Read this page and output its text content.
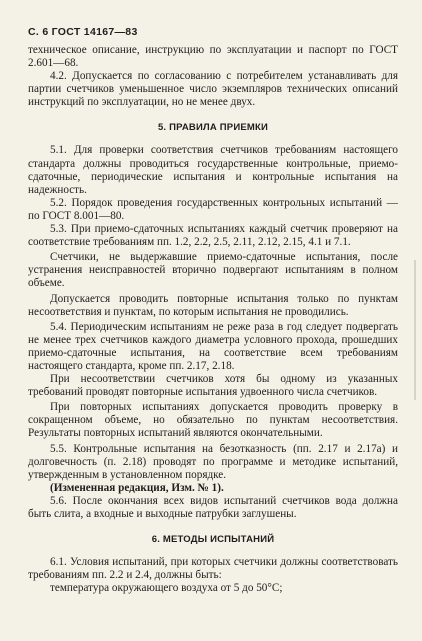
С. 6 ГОСТ 14167—83

техническое описание, инструкцию по эксплуатации и паспорт по ГОСТ 2.601—68.

4.2. Допускается по согласованию с потребителем устанавливать для партии счетчиков уменьшенное число экземпляров технических описаний инструкций по эксплуатации, но не менее двух.

5. ПРАВИЛА ПРИЕМКИ

5.1. Для проверки соответствия счетчиков требованиям настоящего стандарта должны проводиться государственные контрольные, приемо-сдаточные, периодические испытания и контрольные испытания на надежность.

5.2. Порядок проведения государственных контрольных испытаний — по ГОСТ 8.001—80.

5.3. При приемо-сдаточных испытаниях каждый счетчик проверяют на соответствие требованиям пп. 1.2, 2.2, 2.5, 2.11, 2.12, 2.15, 4.1 и 7.1.

Счетчики, не выдержавшие приемо-сдаточные испытания, после устранения неисправностей вторично подвергают испытаниям в полном объеме.

Допускается проводить повторные испытания только по пунктам несоответствия и пунктам, по которым испытания не проводились.

5.4. Периодическим испытаниям не реже раза в год следует подвергать не менее трех счетчиков каждого диаметра условного прохода, прошедших приемо-сдаточные испытания, на соответствие всем требованиям настоящего стандарта, кроме пп. 2.17, 2.18.

При несоответствии счетчиков хотя бы одному из указанных требований проводят повторные испытания удвоенного числа счетчиков.

При повторных испытаниях допускается проводить проверку в сокращенном объеме, но обязательно по пунктам несоответствия. Результаты повторных испытаний являются окончательными.

5.5. Контрольные испытания на безотказность (пп. 2.17 и 2.17а) и долговечность (п. 2.18) проводят по программе и методике испытаний, утвержденным в установленном порядке.

(Измененная редакция, Изм. № 1).

5.6. После окончания всех видов испытаний счетчиков вода должна быть слита, а входные и выходные патрубки заглушены.

6. МЕТОДЫ ИСПЫТАНИЙ

6.1. Условия испытаний, при которых счетчики должны соответствовать требованиям пп. 2.2 и 2.4, должны быть:

температура окружающего воздуха от 5 до 50°С;
